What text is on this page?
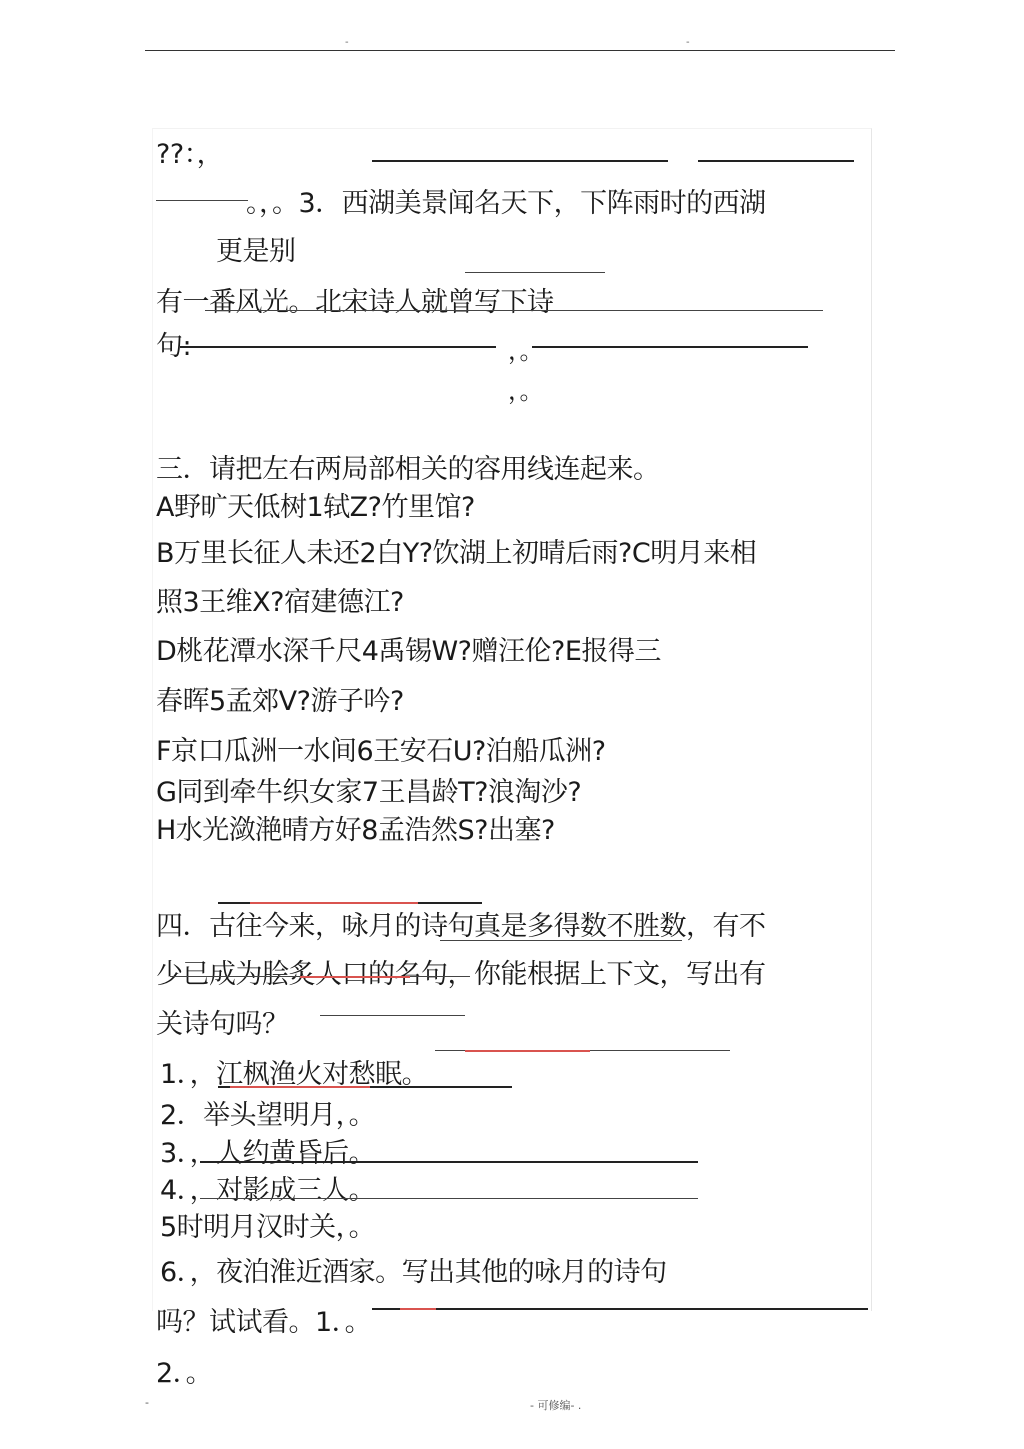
-	-
??：，
。，。3．西湖美景闻名天下，下阵雨时的西湖
更是别
有一番风光。北宋诗人就曾写下诗
句:	，。
，。
三．请把左右两局部相关的容用线连起来。
A野旷天低树1轼Z?竹里馆?
B万里长征人未还2白Y?饮湖上初晴后雨?C明月来相
照3王维X?宿建德江?
D桃花潭水深千尺4禹锡W?赠汪伦?E报得三
春晖5孟郊V?游子吟?
F京口瓜洲一水间6王安石U?泊船瓜洲?
G同到牵牛织女家7王昌龄T?浪淘沙?
H水光潋滟晴方好8孟浩然S?出塞?
四．古往今来，咏月的诗句真是多得数不胜数，有不
少已成为脍炙人口的名句，你能根据上下文，写出有
关诗句吗？
1．，江枫渔火对愁眠。
2．举头望明月，。
3．，人约黄昏后。
4．，对影成三人。
5时明月汉时关，。
6．，夜泊淮近酒家。写出其他的咏月的诗句
吗？试试看。1．。
2．。
-	- 可修编- .
